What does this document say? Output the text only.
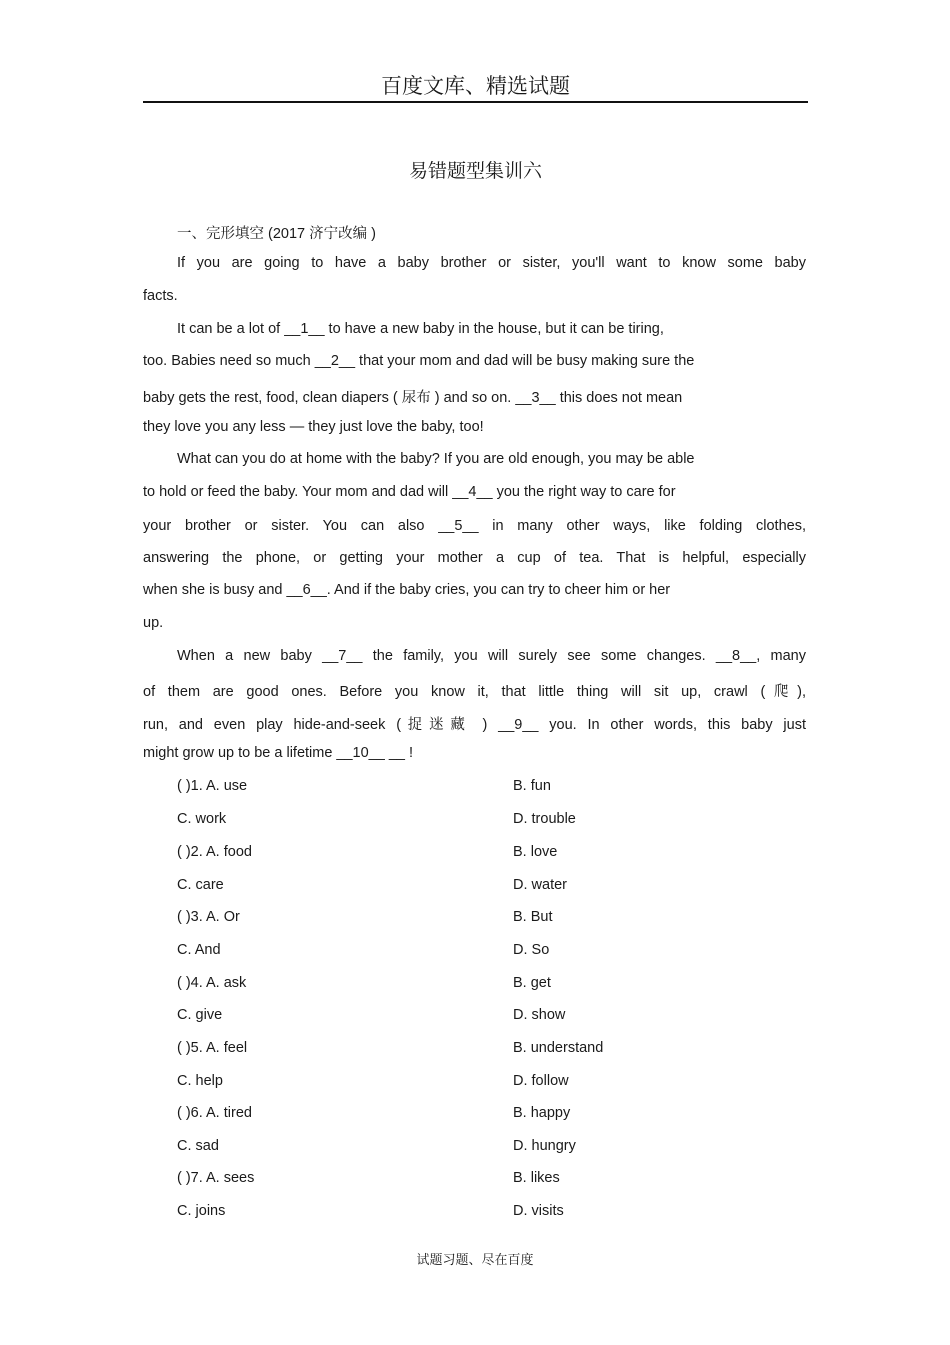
百度文库、精选试题
易错题型集训六
一、完形填空 (2017 济宁改编 )
If you are going to have a baby brother or sister, you'll want to know some baby
facts.
It can be a lot of __1__ to have a new baby in the house, but it can be tiring,
too. Babies need so much __2__ that your mom and dad will be busy making sure the
baby gets the rest, food, clean diapers ( 尿布 ) and so on. __3__ this does not mean
they love you any less — they just love the baby, too!
What can you do at home with the baby? If you are old enough, you may be able
to hold or feed the baby. Your mom and dad will __4__ you the right way to care for
your brother or sister. You can also __5__ in many other ways, like folding clothes,
answering the phone, or getting your mother a cup of tea. That is helpful, especially
when she is busy and __6__. And if the baby cries, you can try to cheer him or her
up.
When a new baby __7__ the family, you will surely see some changes. __8__, many
of them are good ones. Before you know it, that little thing will sit up, crawl (爬),
run, and even play hide-and-seek (捉迷藏 ) __9__ you. In other words, this baby just
might grow up to be a lifetime __10__ __ !
( )1. A. use	B. fun
C. work	D. trouble
( )2. A. food	B. love
C. care	D. water
( )3. A. Or	B. But
C. And	D. So
( )4. A. ask	B. get
C. give	D. show
( )5. A. feel	B. understand
C. help	D. follow
( )6. A. tired	B. happy
C. sad	D. hungry
( )7. A. sees	B. likes
C. joins	D. visits
试题习题、尽在百度
